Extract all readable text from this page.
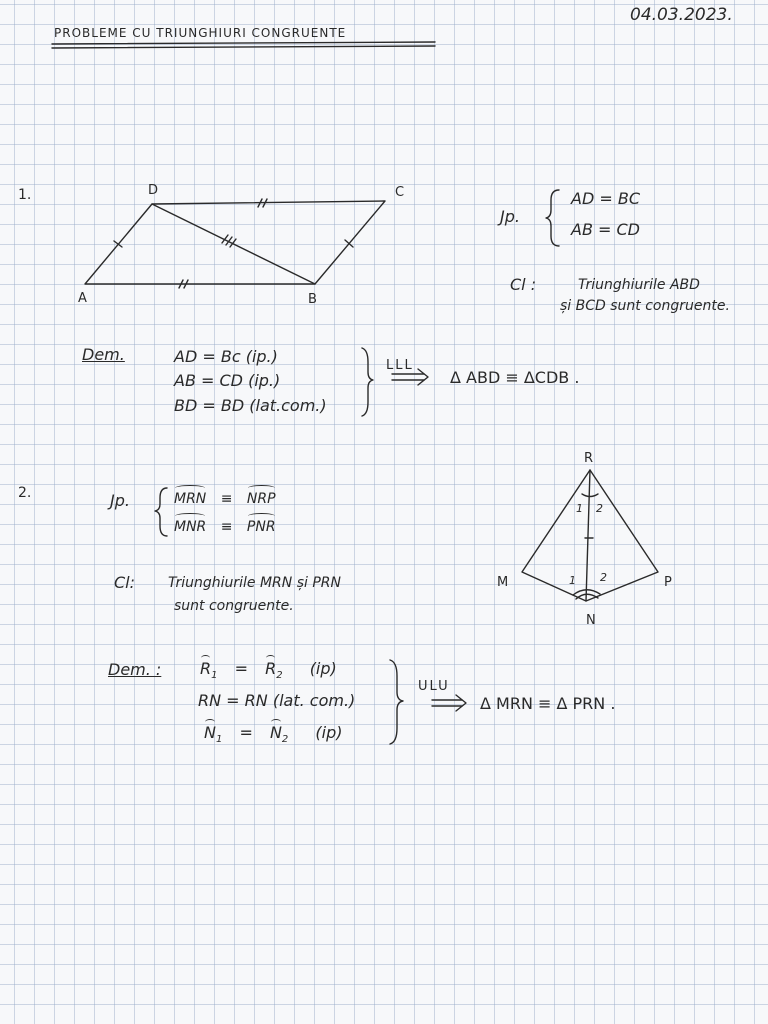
PROBLEME CU TRIUNGHIURI CONGRUENTE
04.03.2023.
1.	D	C
A	B
Jp.
AD = BC
AB = CD
Cl :	Triunghiurile ABD
și BCD sunt congruente.
Dem.	AD = Bc (ip.)
AB = CD (ip.)
BD = BD (lat.com.)
LLL
Δ ABD ≡ ΔCDB .
2.
R
M	P
N
1 2
1 2
Jp.	MRN ≡ NRP
MNR ≡ PNR
Cl: Triunghiurile MRN și PRN
sunt congruente.
Dem. : $R_1 = R_2$ (ip)
RN = RN (lat. com.)
$N_1 = N_2$ (ip)
ULU
Δ MRN ≡ Δ PRN .
